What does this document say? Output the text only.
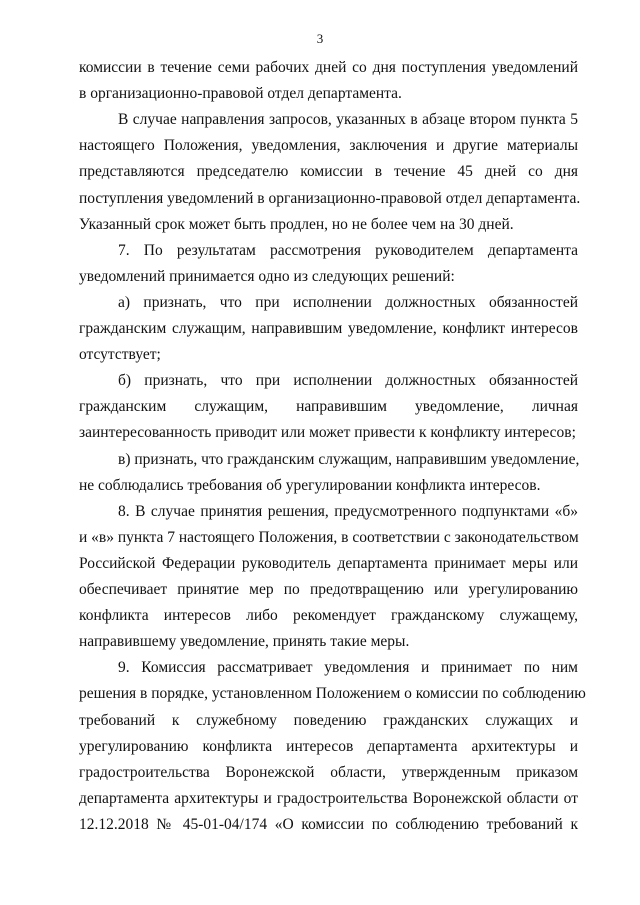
3
комиссии в течение семи рабочих дней со дня поступления уведомлений
в организационно-правовой отдел департамента.
В случае направления запросов, указанных в абзаце втором пункта 5
настоящего Положения, уведомления, заключения и другие материалы
представляются председателю комиссии в течение 45 дней со дня
поступления уведомлений в организационно-правовой отдел департамента.
Указанный срок может быть продлен, но не более чем на 30 дней.
7. По результатам рассмотрения руководителем департамента
уведомлений принимается одно из следующих решений:
а) признать, что при исполнении должностных обязанностей
гражданским служащим, направившим уведомление, конфликт интересов
отсутствует;
б) признать, что при исполнении должностных обязанностей
гражданским служащим, направившим уведомление, личная
заинтересованность приводит или может привести к конфликту интересов;
в) признать, что гражданским служащим, направившим уведомление,
не соблюдались требования об урегулировании конфликта интересов.
8. В случае принятия решения, предусмотренного подпунктами «б»
и «в» пункта 7 настоящего Положения, в соответствии с законодательством
Российской Федерации руководитель департамента принимает меры или
обеспечивает принятие мер по предотвращению или урегулированию
конфликта интересов либо рекомендует гражданскому служащему,
направившему уведомление, принять такие меры.
9. Комиссия рассматривает уведомления и принимает по ним
решения в порядке, установленном Положением о комиссии по соблюдению
требований к служебному поведению гражданских служащих и
урегулированию конфликта интересов департамента архитектуры и
градостроительства Воронежской области, утвержденным приказом
департамента архитектуры и градостроительства Воронежской области от
12.12.2018 № 45-01-04/174 «О комиссии по соблюдению требований к
